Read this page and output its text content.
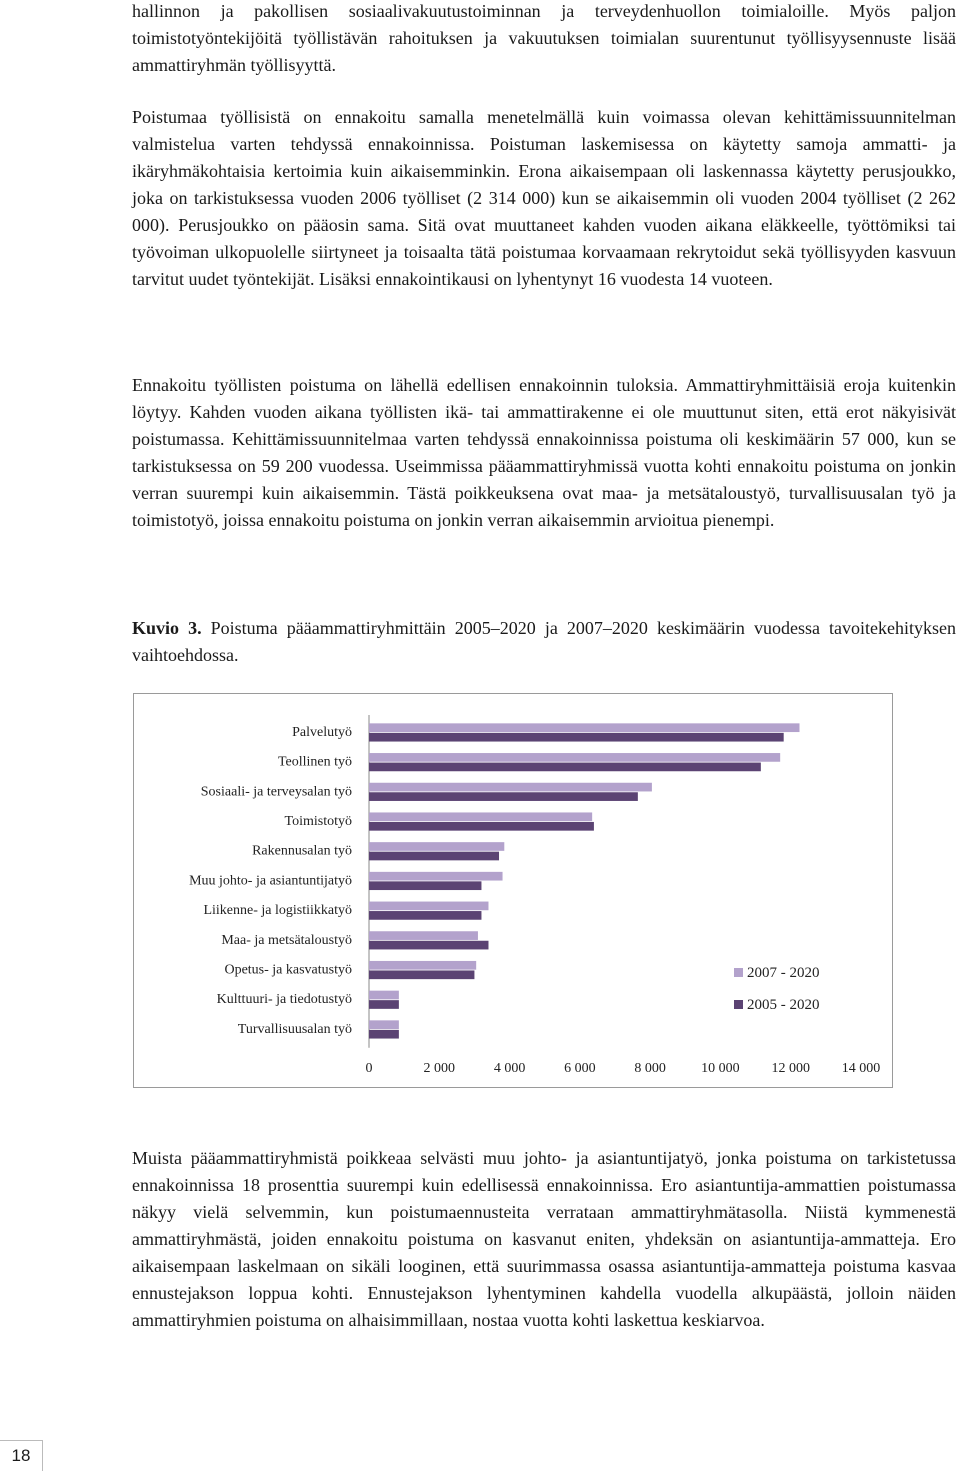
hallinnon ja pakollisen sosiaalivakuutustoiminnan ja terveydenhuollon toimialoille. Myös paljon toimistotyöntekijöitä työllistävän rahoituksen ja vakuutuksen toimialan suurentunut työllisyysennuste lisää ammattiryhmän työllisyyttä.

Poistumaa työllisistä on ennakoitu samalla menetelmällä kuin voimassa olevan kehittämissuunnitelman valmistelua varten tehdyssä ennakoinnissa. Poistuman laskemisessa on käytetty samoja ammatti- ja ikäryhmäkohtaisia kertoimia kuin aikaisemminkin. Erona aikaisempaan oli laskennassa käytetty perusjoukko, joka on tarkistuksessa vuoden 2006 työlliset (2 314 000) kun se aikaisemmin oli vuoden 2004 työlliset (2 262 000). Perusjoukko on pääosin sama. Sitä ovat muuttaneet kahden vuoden aikana eläkkeelle, työttömiksi tai työvoiman ulkopuolelle siirtyneet ja toisaalta tätä poistumaa korvaamaan rekrytoidut sekä työllisyyden kasvuun tarvitut uudet työntekijät. Lisäksi ennakointikausi on lyhentynyt 16 vuodesta 14 vuoteen.

Ennakoitu työllisten poistuma on lähellä edellisen ennakoinnin tuloksia. Ammattiryhmittäisiä eroja kuitenkin löytyy. Kahden vuoden aikana työllisten ikä- tai ammattirakenne ei ole muuttunut siten, että erot näkyisivät poistumassa. Kehittämissuunnitelmaa varten tehdyssä ennakoinnissa poistuma oli keskimäärin 57 000, kun se tarkistuksessa on 59 200 vuodessa. Useimmissa pääammattiryhmissä vuotta kohti ennakoitu poistuma on jonkin verran suurempi kuin aikaisemmin. Tästä poikkeuksena ovat maa- ja metsätaloustyö, turvallisuusalan työ ja toimistotyö, joissa ennakoitu poistuma on jonkin verran aikaisemmin arvioitua pienempi.

Kuvio 3. Poistuma pääammattiryhmittäin 2005–2020 ja 2007–2020 keskimäärin vuodessa tavoitekehityksen vaihtoehdossa.

Palvelutyö
Teollinen työ
Sosiaali- ja terveysalan työ
Toimistotyö
Rakennusalan työ
Muu johto- ja asiantuntijatyö
Liikenne- ja logistiikkatyö
Maa- ja metsätaloustyö
Opetus- ja kasvatustyö
Kulttuuri- ja tiedotustyö
Turvallisuusalan työ
0	2 000	4 000	6 000	8 000	10 000 12 000 14 000
2007 - 2020
2005 - 2020

Muista pääammattiryhmistä poikkeaa selvästi muu johto- ja asiantuntijatyö, jonka poistuma on tarkistetussa ennakoinnissa 18 prosenttia suurempi kuin edellisessä ennakoinnissa. Ero asiantuntija-ammattien poistumassa näkyy vielä selvemmin, kun poistumaennusteita verrataan ammattiryhmätasolla. Niistä kymmenestä ammattiryhmästä, joiden ennakoitu poistuma on kasvanut eniten, yhdeksän on asiantuntija-ammatteja. Ero aikaisempaan laskelmaan on sikäli looginen, että suurimmassa osassa asiantuntija-ammatteja poistuma kasvaa ennustejakson loppua kohti. Ennustejakson lyhentyminen kahdella vuodella alkupäästä, jolloin näiden ammattiryhmien poistuma on alhaisimmillaan, nostaa vuotta kohti laskettua keskiarvoa.

18
